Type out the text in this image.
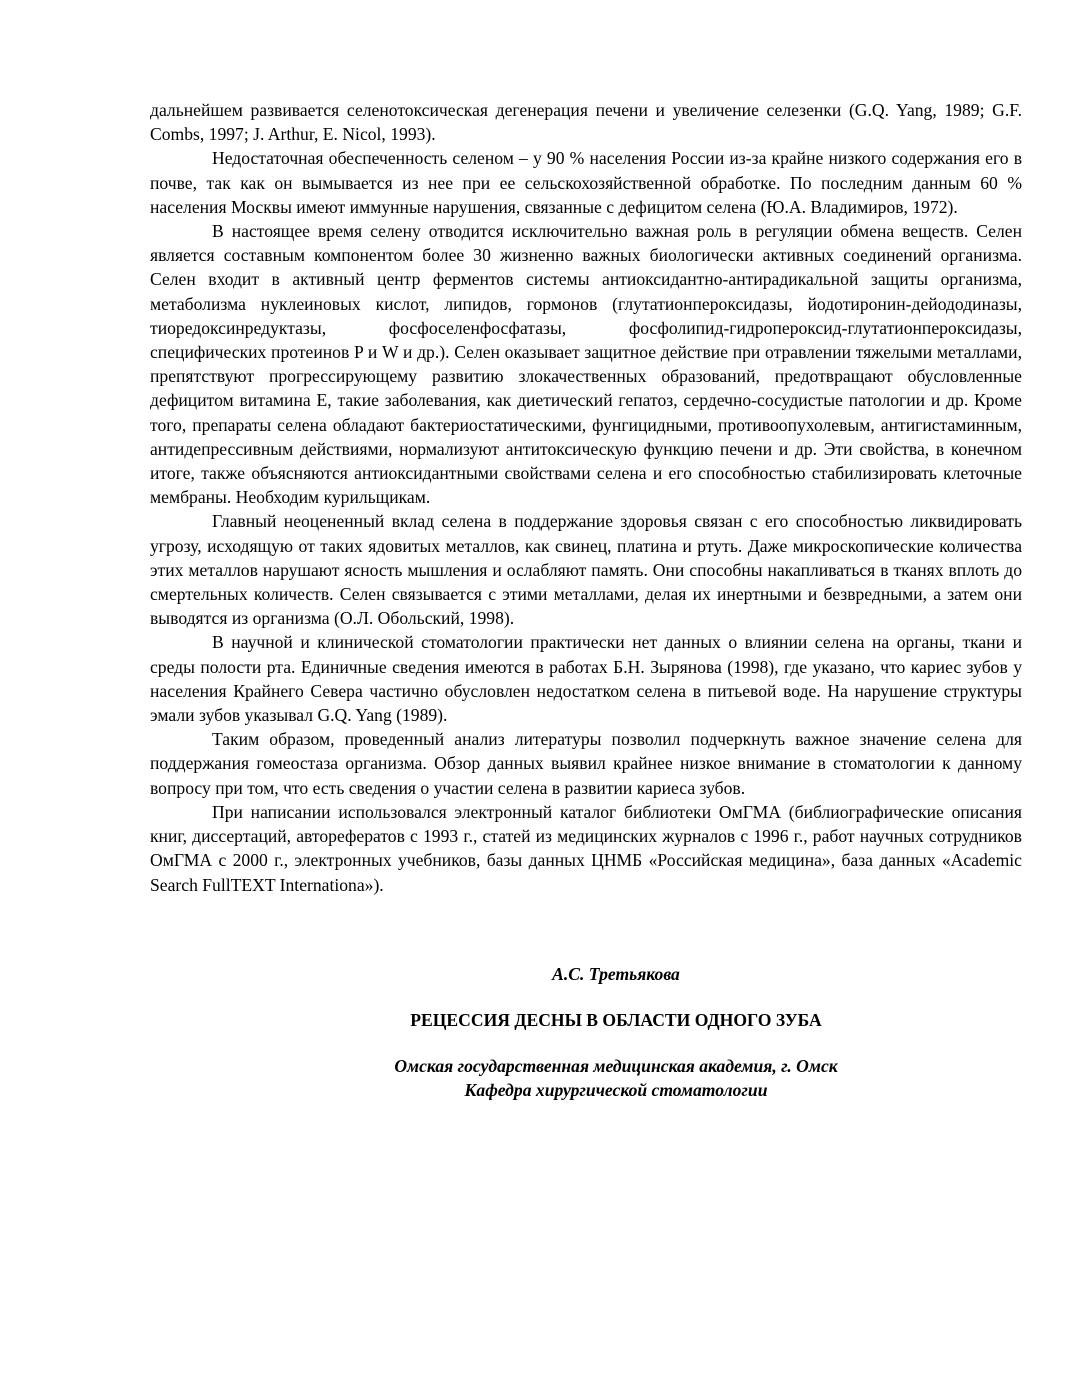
дальнейшем развивается селенотоксическая дегенерация печени и увеличение селезенки (G.Q. Yang, 1989; G.F. Combs, 1997; J. Arthur, E. Nicol, 1993).

Недостаточная обеспеченность селеном – у 90 % населения России из-за крайне низкого содержания его в почве, так как он вымывается из нее при ее сельскохозяйственной обработке. По последним данным 60 % населения Москвы имеют иммунные нарушения, связанные с дефицитом селена (Ю.А. Владимиров, 1972).

В настоящее время селену отводится исключительно важная роль в регуляции обмена веществ. Селен является составным компонентом более 30 жизненно важных биологически активных соединений организма. Селен входит в активный центр ферментов системы антиоксидантно-антирадикальной защиты организма, метаболизма нуклеиновых кислот, липидов, гормонов (глутатионпероксидазы, йодотиронин-дейододиназы, тиоредоксинредуктазы, фосфоселенфосфатазы, фосфолипид-гидропероксид-глутатионпероксидазы, специфических протеинов P и W и др.). Селен оказывает защитное действие при отравлении тяжелыми металлами, препятствуют прогрессирующему развитию злокачественных образований, предотвращают обусловленные дефицитом витамина Е, такие заболевания, как диетический гепатоз, сердечно-сосудистые патологии и др. Кроме того, препараты селена обладают бактериостатическими, фунгицидными, противоопухолевым, антигистаминным, антидепрессивным действиями, нормализуют антитоксическую функцию печени и др. Эти свойства, в конечном итоге, также объясняются антиоксидантными свойствами селена и его способностью стабилизировать клеточные мембраны. Необходим курильщикам.

Главный неоцененный вклад селена в поддержание здоровья связан с его способностью ликвидировать угрозу, исходящую от таких ядовитых металлов, как свинец, платина и ртуть. Даже микроскопические количества этих металлов нарушают ясность мышления и ослабляют память. Они способны накапливаться в тканях вплоть до смертельных количеств. Селен связывается с этими металлами, делая их инертными и безвредными, а затем они выводятся из организма (О.Л. Обольский, 1998).

В научной и клинической стоматологии практически нет данных о влиянии селена на органы, ткани и среды полости рта. Единичные сведения имеются в работах Б.Н. Зырянова (1998), где указано, что кариес зубов у населения Крайнего Севера частично обусловлен недостатком селена в питьевой воде. На нарушение структуры эмали зубов указывал G.Q. Yang (1989).

Таким образом, проведенный анализ литературы позволил подчеркнуть важное значение селена для поддержания гомеостаза организма. Обзор данных выявил крайнее низкое внимание в стоматологии к данному вопросу при том, что есть сведения о участии селена в развитии кариеса зубов.

При написании использовался электронный каталог библиотеки ОмГМА (библиографические описания книг, диссертаций, авторефератов с 1993 г., статей из медицинских журналов с 1996 г., работ научных сотрудников ОмГМА с 2000 г., электронных учебников, базы данных ЦНМБ «Российская медицина», база данных «Academic Search FullTEXT Internationa»).

А.С. Третьякова

РЕЦЕССИЯ ДЕСНЫ В ОБЛАСТИ ОДНОГО ЗУБА

Омская государственная медицинская академия, г. Омск

Кафедра хирургической стоматологии
